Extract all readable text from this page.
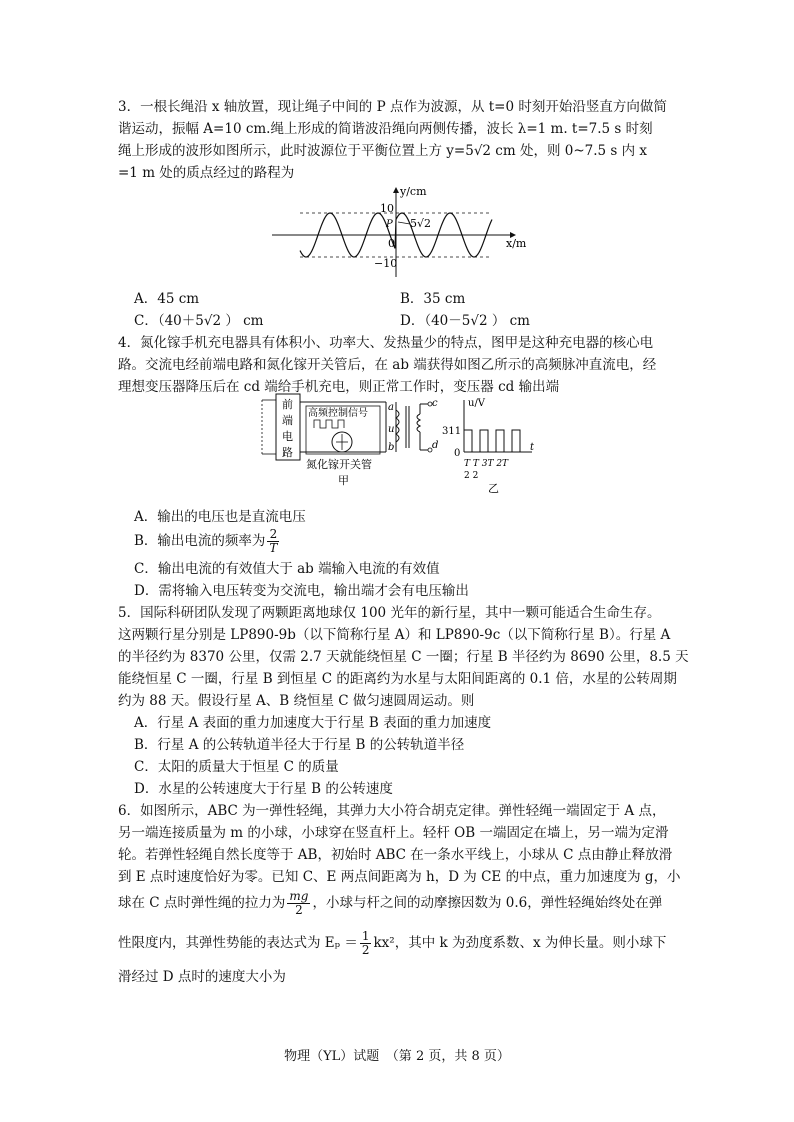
3．一根长绳沿 x 轴放置，现让绳子中间的 P 点作为波源，从 t=0 时刻开始沿竖直方向做简
谐运动，振幅 A=10 cm.绳上形成的简谐波沿绳向两侧传播，波长 λ=1 m. t=7.5 s 时刻
绳上形成的波形如图所示，此时波源位于平衡位置上方 y=5√2 cm 处，则 0~7.5 s 内 x
=1 m 处的质点经过的路程为
y/cm
x/m
10
−10
0
P 5√2
A．45 cm	B．35 cm
C．（40＋5√2 ） cm	D．（40－5√2 ） cm
4．氮化镓手机充电器具有体积小、功率大、发热量少的特点，图甲是这种充电器的核心电
路。交流电经前端电路和氮化镓开关管后，在 ab 端获得如图乙所示的高频脉冲直流电，经
理想变压器降压后在 cd 端给手机充电，则正常工作时，变压器 cd 输出端
前
端
电
路
高频控制信号
a
u
b
c
d
氮化镓开关管
甲
u/V
311
0
t
T T 3T 2T
2 2
乙
A．输出的电压也是直流电压
B．输出电流的频率为 $\frac{2}{T}$
C．输出电流的有效值大于 ab 端输入电流的有效值
D．需将输入电压转变为交流电，输出端才会有电压输出
5．国际科研团队发现了两颗距离地球仅 100 光年的新行星，其中一颗可能适合生命生存。
这两颗行星分别是 LP890-9b（以下简称行星 A）和 LP890-9c（以下简称行星 B）。行星 A
的半径约为 8370 公里，仅需 2.7 天就能绕恒星 C 一圈；行星 B 半径约为 8690 公里，8.5 天
能绕恒星 C 一圈，行星 B 到恒星 C 的距离约为水星与太阳间距离的 0.1 倍，水星的公转周期
约为 88 天。假设行星 A、B 绕恒星 C 做匀速圆周运动。则
A．行星 A 表面的重力加速度大于行星 B 表面的重力加速度
B．行星 A 的公转轨道半径大于行星 B 的公转轨道半径
C．太阳的质量大于恒星 C 的质量
D．水星的公转速度大于行星 B 的公转速度
6．如图所示，ABC 为一弹性轻绳，其弹力大小符合胡克定律。弹性轻绳一端固定于 A 点，
另一端连接质量为 m 的小球，小球穿在竖直杆上。轻杆 OB 一端固定在墙上，另一端为定滑
轮。若弹性轻绳自然长度等于 AB，初始时 ABC 在一条水平线上，小球从 C 点由静止释放滑
到 E 点时速度恰好为零。已知 C、E 两点间距离为 h，D 为 CE 的中点，重力加速度为 g，小
球在 C 点时弹性绳的拉力为 $\frac{mg}{2}$ ，小球与杆之间的动摩擦因数为 0.6，弹性轻绳始终处在弹
性限度内，其弹性势能的表达式为 $E_p = \frac{1}{2} kx^2$，其中 k 为劲度系数、x 为伸长量。则小球下
滑经过 D 点时的速度大小为
物理（YL）试题　（第 2 页，共 8 页）
